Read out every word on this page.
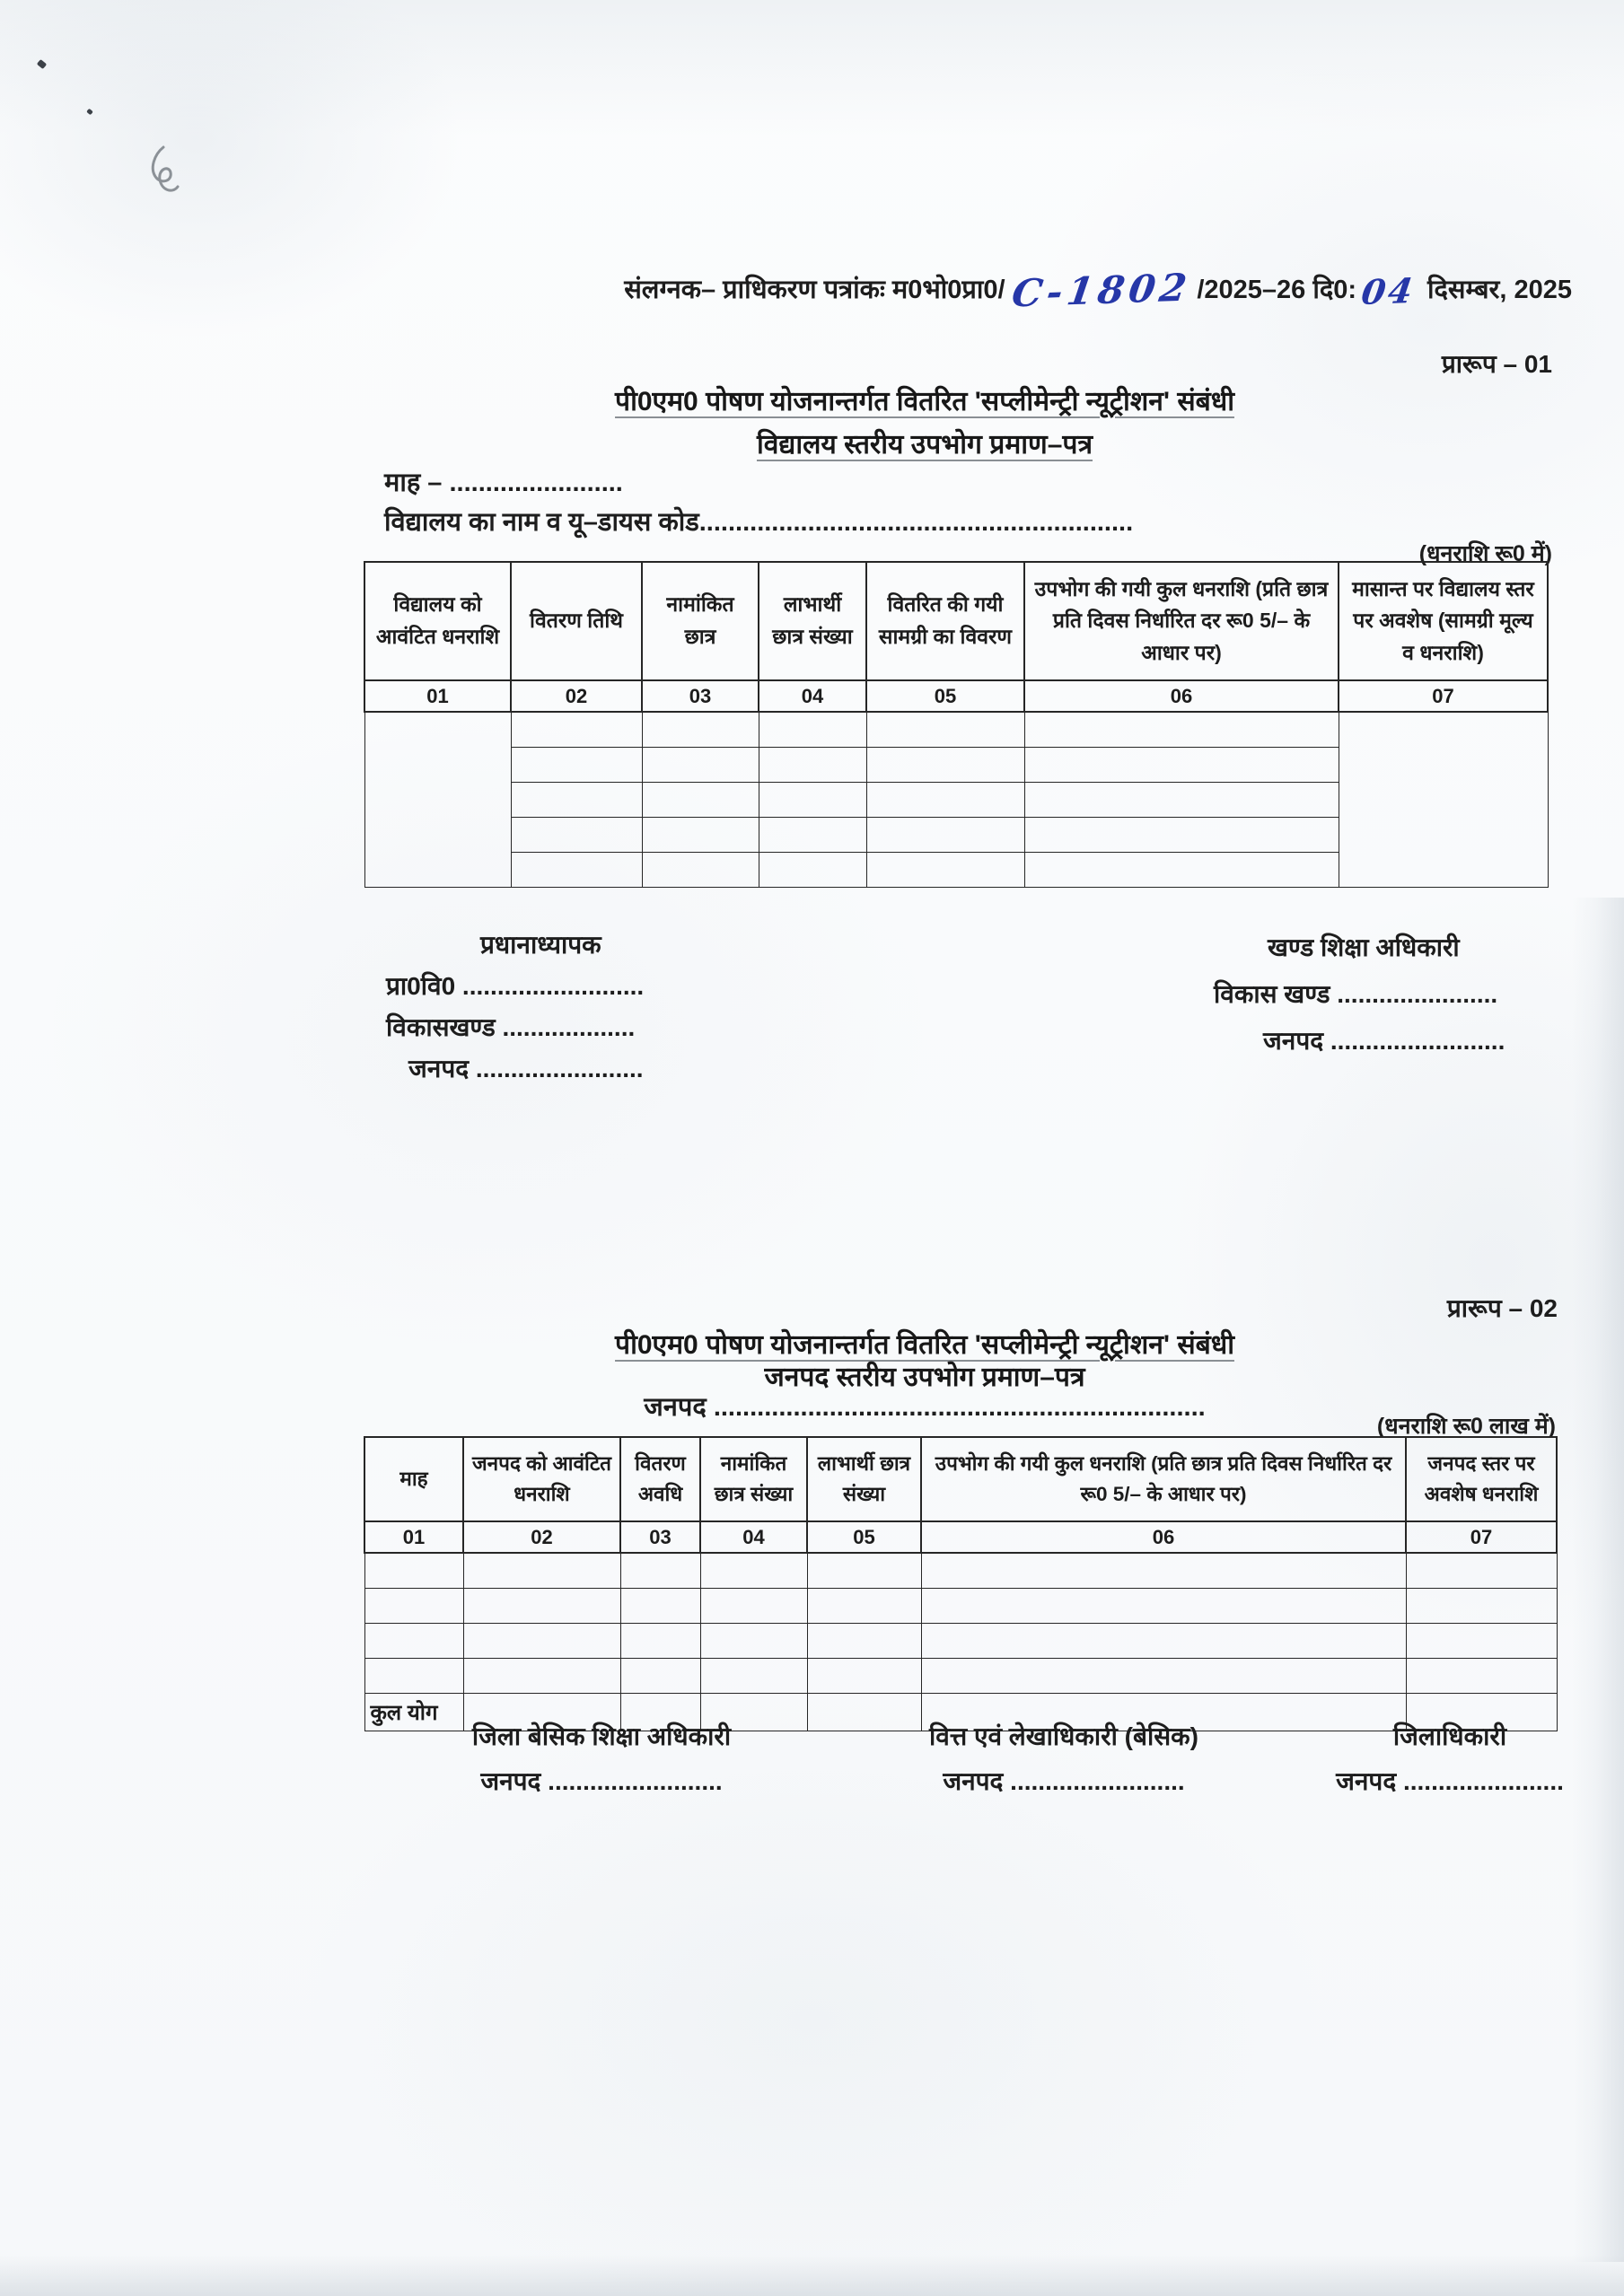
संलग्नक– प्राधिकरण पत्रांकः म0भो0प्रा0/C-1802 /2025–26 दि0:04 दिसम्बर, 2025
प्रारूप – 01
पी0एम0 पोषण योजनान्तर्गत वितरित 'सप्लीमेन्ट्री न्यूट्रीशन' संबंधी
विद्यालय स्तरीय उपभोग प्रमाण–पत्र
माह – ........................
विद्यालय का नाम व यू–डायस कोड............................................................
(धनराशि रू0 में)
विद्यालय को आवंटित धनराशि	वितरण तिथि	नामांकित छात्र	लाभार्थी छात्र संख्या	वितरित की गयी सामग्री का विवरण	उपभोग की गयी कुल धनराशि (प्रति छात्र प्रति दिवस निर्धारित दर रू0 5/– के आधार पर)	मासान्त पर विद्यालय स्तर पर अवशेष (सामग्री मूल्य व धनराशि)
01	02	03	04	05	06	07

प्रधानाध्यापक
प्रा0वि0 ..........................
विकासखण्ड ...................
जनपद ........................
खण्ड शिक्षा अधिकारी
विकास खण्ड .......................
जनपद .........................
प्रारूप – 02
पी0एम0 पोषण योजनान्तर्गत वितरित 'सप्लीमेन्ट्री न्यूट्रीशन' संबंधी
जनपद स्तरीय उपभोग प्रमाण–पत्र
जनपद ....................................................................
(धनराशि रू0 लाख में)
माह	जनपद को आवंटित धनराशि	वितरण अवधि	नामांकित छात्र संख्या	लाभार्थी छात्र संख्या	उपभोग की गयी कुल धनराशि (प्रति छात्र प्रति दिवस निर्धारित दर रू0 5/– के आधार पर)	जनपद स्तर पर अवशेष धनराशि
01	02	03	04	05	06	07

कुल योग						
जिला बेसिक शिक्षा अधिकारी
जनपद .........................
वित्त एवं लेखाधिकारी (बेसिक)
जनपद .........................
जिलाधिकारी
जनपद .......................
